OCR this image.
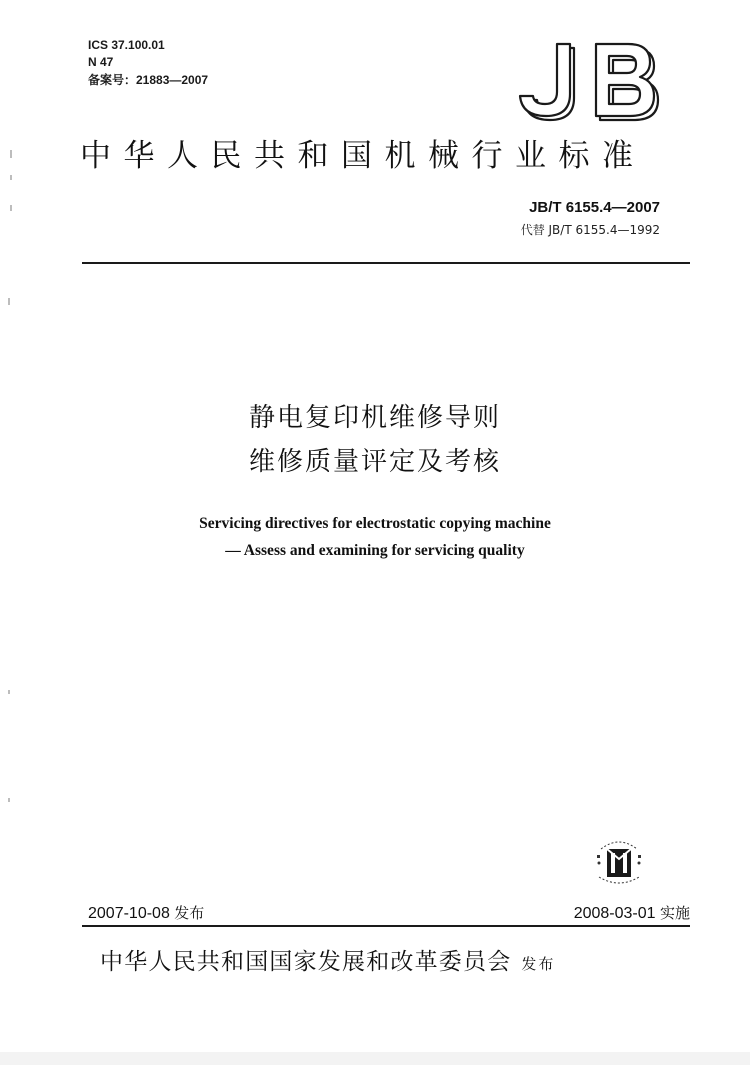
ICS 37.100.01
N 47
备案号：21883—2007
中华人民共和国机械行业标准
JB/T 6155.4—2007
代替 JB/T 6155.4—1992
静电复印机维修导则
维修质量评定及考核
Servicing directives for electrostatic copying machine
— Assess and examining for servicing quality
2007-10-08 发布	2008-03-01 实施
中华人民共和国国家发展和改革委员会 发布
